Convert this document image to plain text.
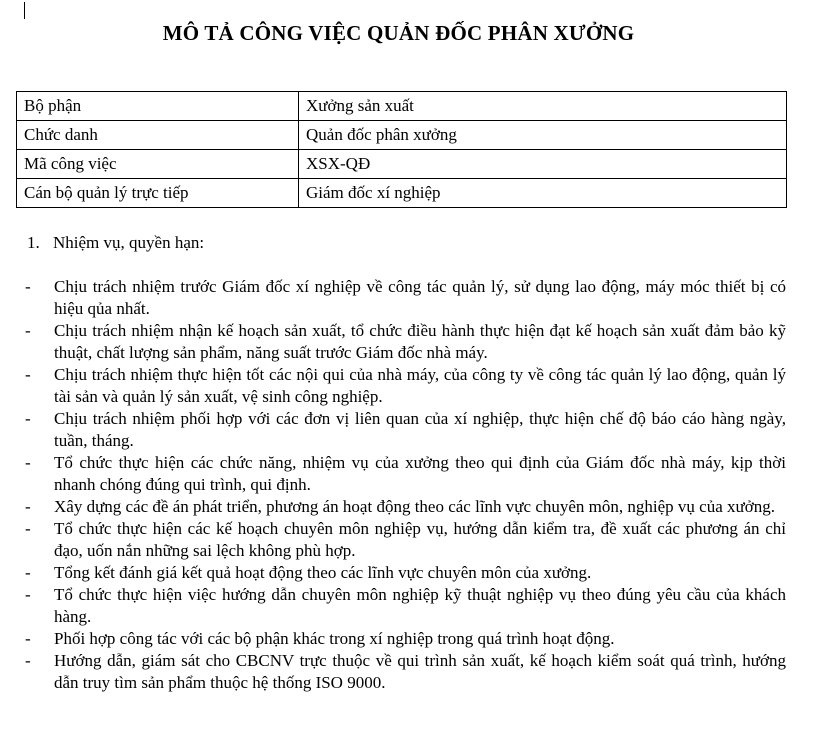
MÔ TẢ CÔNG VIỆC QUẢN ĐỐC PHÂN XƯỞNG
Bộ phận	Xưởng sản xuất
Chức danh	Quản đốc phân xưởng
Mã công việc	XSX-QĐ
Cán bộ quản lý trực tiếp	Giám đốc xí nghiệp
1. Nhiệm vụ, quyền hạn:
- Chịu trách nhiệm trước Giám đốc xí nghiệp về công tác quản lý, sử dụng lao động, máy móc thiết bị có hiệu qủa nhất.
- Chịu trách nhiệm nhận kế hoạch sản xuất, tổ chức điều hành thực hiện đạt kế hoạch sản xuất đảm bảo kỹ thuật, chất lượng sản phẩm, năng suất trước Giám đốc nhà máy.
- Chịu trách nhiệm thực hiện tốt các nội qui của nhà máy, của công ty về công tác quản lý lao động, quản lý tài sản và quản lý sản xuất, vệ sinh công nghiệp.
- Chịu trách nhiệm phối hợp với các đơn vị liên quan của xí nghiệp, thực hiện chế độ báo cáo hàng ngày, tuần, tháng.
- Tổ chức thực hiện các chức năng, nhiệm vụ của xưởng theo qui định của Giám đốc nhà máy, kịp thời nhanh chóng đúng qui trình, qui định.
- Xây dựng các đề án phát triển, phương án hoạt động theo các lĩnh vực chuyên môn, nghiệp vụ của xưởng.
- Tổ chức thực hiện các kế hoạch chuyên môn nghiệp vụ, hướng dẫn kiểm tra, đề xuất các phương án chỉ đạo, uốn nắn những sai lệch không phù hợp.
- Tổng kết đánh giá kết quả hoạt động theo các lĩnh vực chuyên môn của xưởng.
- Tổ chức thực hiện việc hướng dẫn chuyên môn nghiệp kỹ thuật nghiệp vụ theo đúng yêu cầu của khách hàng.
- Phối hợp công tác với các bộ phận khác trong xí nghiệp trong quá trình hoạt động.
- Hướng dẫn, giám sát cho CBCNV trực thuộc về qui trình sản xuất, kế hoạch kiểm soát quá trình, hướng dẫn truy tìm sản phẩm thuộc hệ thống ISO 9000.
